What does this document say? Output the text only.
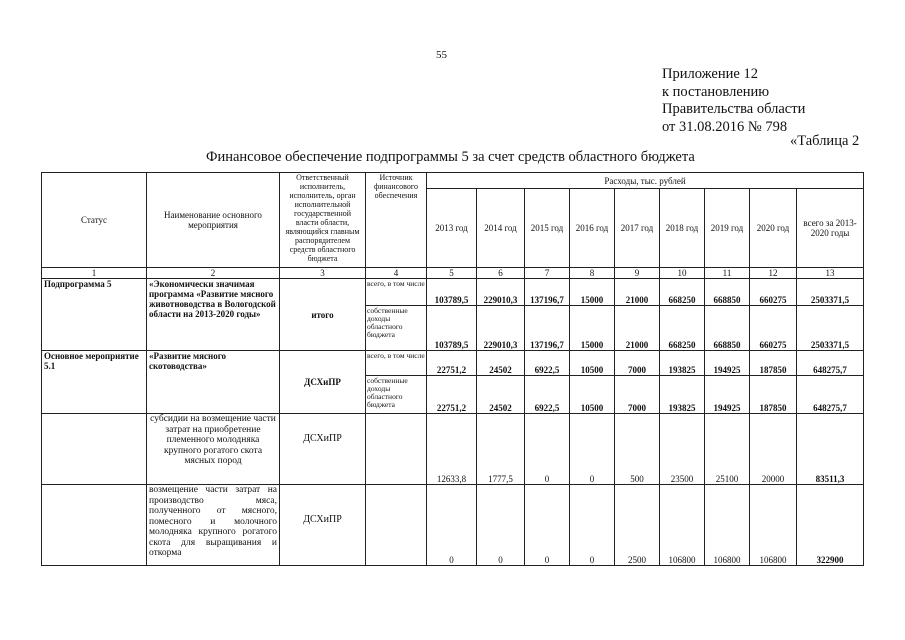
55
Приложение 12
к постановлению
Правительства области
от 31.08.2016 № 798
«Таблица 2
Финансовое обеспечение подпрограммы 5 за счет средств областного бюджета
Статус	Наименование основного мероприятия	Ответственный исполнитель, исполнитель, орган исполнительной государственной власти области, являющийся главным распорядителем средств областного бюджета	Источник финансового обеспечения	Расходы, тыс. рублей								
				2013 год	2014 год	2015 год	2016 год	2017 год	2018 год	2019 год	2020 год	всего за 2013-2020 годы
1	2	3	4	5	6	7	8	9	10	11	12	13
Подпрограмма 5	«Экономически значимая программа «Развитие мясного животноводства в Вологодской области на 2013-2020 годы»	итого	всего, в том числе	103789,5	229010,3	137196,7	15000	21000	668250	668850	660275	2503371,5
			собственные доходы областного бюджета	103789,5	229010,3	137196,7	15000	21000	668250	668850	660275	2503371,5
Основное мероприятие 5.1	«Развитие мясного скотоводства»	ДСХиПР	всего, в том числе	22751,2	24502	6922,5	10500	7000	193825	194925	187850	648275,7
			собственные доходы областного бюджета	22751,2	24502	6922,5	10500	7000	193825	194925	187850	648275,7
	субсидии на возмещение части затрат на приобретение племенного молодняка крупного рогатого скота мясных пород	ДСХиПР		12633,8	1777,5	0	0	500	23500	25100	20000	83511,3
	возмещение части затрат на производство мяса, полученного от мясного, помесного и молочного молодняка крупного рогатого скота для выращивания и откорма	ДСХиПР		0	0	0	0	2500	106800	106800	106800	322900
